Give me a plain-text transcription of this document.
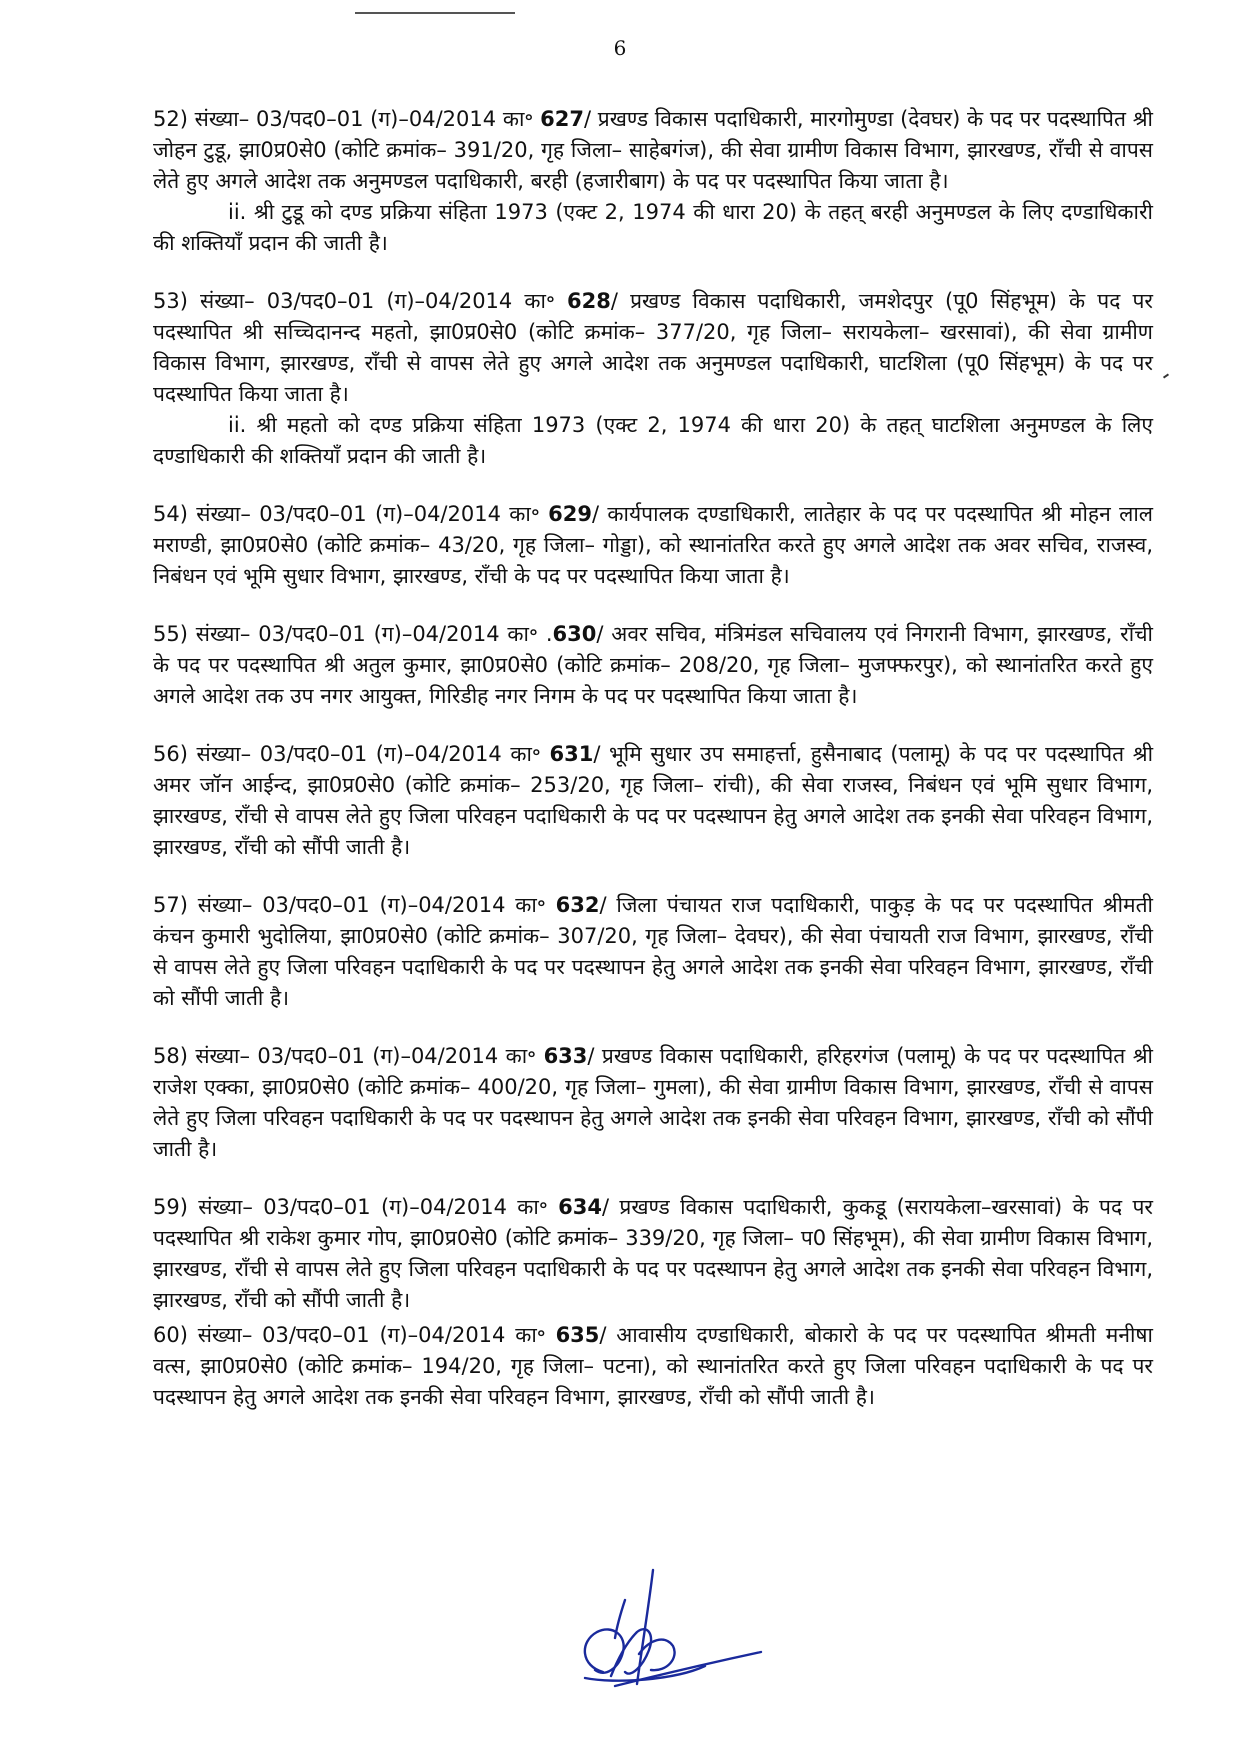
6

52) संख्या– 03/पद0–01 (ग)–04/2014 का॰ 627/ प्रखण्ड विकास पदाधिकारी, मारगोमुण्डा (देवघर) के पद पर पदस्थापित श्री जोहन टुडू, झा0प्र0से0 (कोटि क्रमांक– 391/20, गृह जिला– साहेबगंज), की सेवा ग्रामीण विकास विभाग, झारखण्ड, राँची से वापस लेते हुए अगले आदेश तक अनुमण्डल पदाधिकारी, बरही (हजारीबाग) के पद पर पदस्थापित किया जाता है।

ii. श्री टुडू को दण्ड प्रक्रिया संहिता 1973 (एक्ट 2, 1974 की धारा 20) के तहत् बरही अनुमण्डल के लिए दण्डाधिकारी की शक्तियाँ प्रदान की जाती है।

53) संख्या– 03/पद0–01 (ग)–04/2014 का॰ 628/ प्रखण्ड विकास पदाधिकारी, जमशेदपुर (पू0 सिंहभूम) के पद पर पदस्थापित श्री सच्चिदानन्द महतो, झा0प्र0से0 (कोटि क्रमांक– 377/20, गृह जिला– सरायकेला– खरसावां), की सेवा ग्रामीण विकास विभाग, झारखण्ड, राँची से वापस लेते हुए अगले आदेश तक अनुमण्डल पदाधिकारी, घाटशिला (पू0 सिंहभूम) के पद पर पदस्थापित किया जाता है।

ii. श्री महतो को दण्ड प्रक्रिया संहिता 1973 (एक्ट 2, 1974 की धारा 20) के तहत् घाटशिला अनुमण्डल के लिए दण्डाधिकारी की शक्तियाँ प्रदान की जाती है।

54) संख्या– 03/पद0–01 (ग)–04/2014 का॰ 629/ कार्यपालक दण्डाधिकारी, लातेहार के पद पर पदस्थापित श्री मोहन लाल मराण्डी, झा0प्र0से0 (कोटि क्रमांक– 43/20, गृह जिला– गोड्डा), को स्थानांतरित करते हुए अगले आदेश तक अवर सचिव, राजस्व, निबंधन एवं भूमि सुधार विभाग, झारखण्ड, राँची के पद पर पदस्थापित किया जाता है।

55) संख्या– 03/पद0–01 (ग)–04/2014 का॰ .630/ अवर सचिव, मंत्रिमंडल सचिवालय एवं निगरानी विभाग, झारखण्ड, राँची के पद पर पदस्थापित श्री अतुल कुमार, झा0प्र0से0 (कोटि क्रमांक– 208/20, गृह जिला– मुजफ्फरपुर), को स्थानांतरित करते हुए अगले आदेश तक उप नगर आयुक्त, गिरिडीह नगर निगम के पद पर पदस्थापित किया जाता है।

56) संख्या– 03/पद0–01 (ग)–04/2014 का॰ 631/ भूमि सुधार उप समाहर्त्ता, हुसैनाबाद (पलामू) के पद पर पदस्थापित श्री अमर जॉन आईन्द, झा0प्र0से0 (कोटि क्रमांक– 253/20, गृह जिला– रांची), की सेवा राजस्व, निबंधन एवं भूमि सुधार विभाग, झारखण्ड, राँची से वापस लेते हुए जिला परिवहन पदाधिकारी के पद पर पदस्थापन हेतु अगले आदेश तक इनकी सेवा परिवहन विभाग, झारखण्ड, राँची को सौंपी जाती है।

57) संख्या– 03/पद0–01 (ग)–04/2014 का॰ 632/ जिला पंचायत राज पदाधिकारी, पाकुड़ के पद पर पदस्थापित श्रीमती कंचन कुमारी भुदोलिया, झा0प्र0से0 (कोटि क्रमांक– 307/20, गृह जिला– देवघर), की सेवा पंचायती राज विभाग, झारखण्ड, राँची से वापस लेते हुए जिला परिवहन पदाधिकारी के पद पर पदस्थापन हेतु अगले आदेश तक इनकी सेवा परिवहन विभाग, झारखण्ड, राँची को सौंपी जाती है।

58) संख्या– 03/पद0–01 (ग)–04/2014 का॰ 633/ प्रखण्ड विकास पदाधिकारी, हरिहरगंज (पलामू) के पद पर पदस्थापित श्री राजेश एक्का, झा0प्र0से0 (कोटि क्रमांक– 400/20, गृह जिला– गुमला), की सेवा ग्रामीण विकास विभाग, झारखण्ड, राँची से वापस लेते हुए जिला परिवहन पदाधिकारी के पद पर पदस्थापन हेतु अगले आदेश तक इनकी सेवा परिवहन विभाग, झारखण्ड, राँची को सौंपी जाती है।

59) संख्या– 03/पद0–01 (ग)–04/2014 का॰ 634/ प्रखण्ड विकास पदाधिकारी, कुकडू (सरायकेला–खरसावां) के पद पर पदस्थापित श्री राकेश कुमार गोप, झा0प्र0से0 (कोटि क्रमांक– 339/20, गृह जिला– प0 सिंहभूम), की सेवा ग्रामीण विकास विभाग, झारखण्ड, राँची से वापस लेते हुए जिला परिवहन पदाधिकारी के पद पर पदस्थापन हेतु अगले आदेश तक इनकी सेवा परिवहन विभाग, झारखण्ड, राँची को सौंपी जाती है।

60) संख्या– 03/पद0–01 (ग)–04/2014 का॰ 635/ आवासीय दण्डाधिकारी, बोकारो के पद पर पदस्थापित श्रीमती मनीषा वत्स, झा0प्र0से0 (कोटि क्रमांक– 194/20, गृह जिला– पटना), को स्थानांतरित करते हुए जिला परिवहन पदाधिकारी के पद पर पदस्थापन हेतु अगले आदेश तक इनकी सेवा परिवहन विभाग, झारखण्ड, राँची को सौंपी जाती है।
